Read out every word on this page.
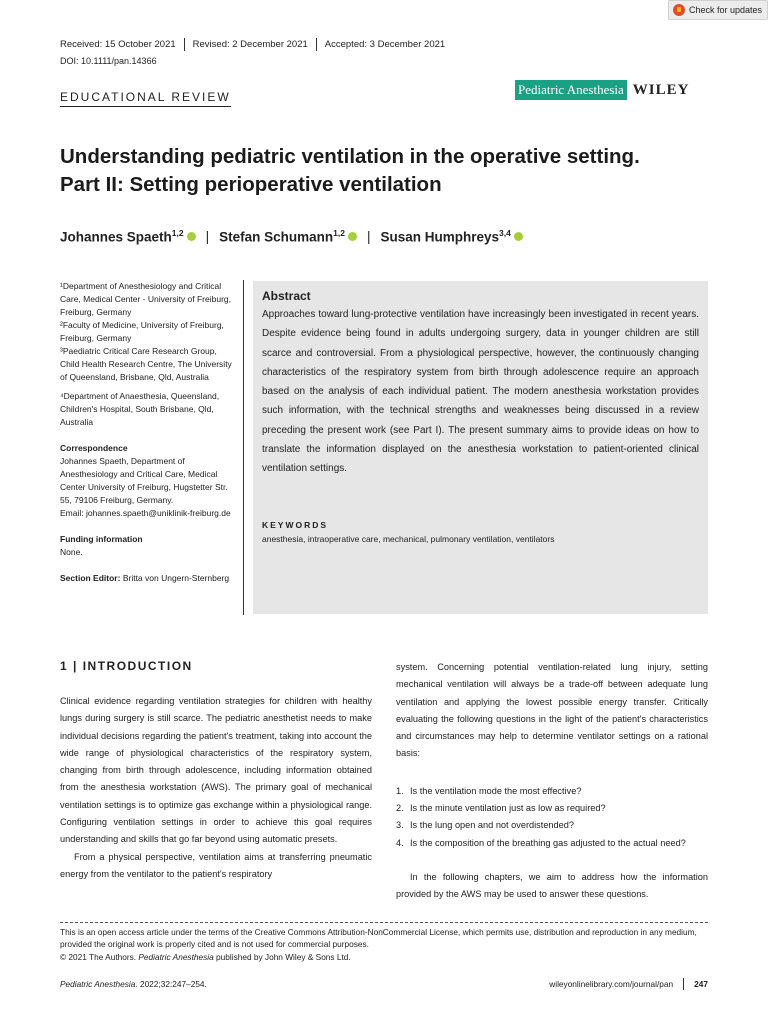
Received: 15 October 2021 Revised: 2 December 2021 Accepted: 3 December 2021
DOI: 10.1111/pan.14366
Check for updates
EDUCATIONAL REVIEW	Pediatric Anesthesia WILEY
Understanding pediatric ventilation in the operative setting.
Part II: Setting perioperative ventilation
Johannes Spaeth$^{1,2}$ | Stefan Schumann$^{1,2}$ | Susan Humphreys$^{3,4}$

¹Department of Anesthesiology and Critical Care, Medical Center - University of Freiburg, Freiburg, Germany

²Faculty of Medicine, University of Freiburg, Freiburg, Germany

³Paediatric Critical Care Research Group, Child Health Research Centre, The University of Queensland, Brisbane, Qld, Australia

⁴Department of Anaesthesia, Queensland, Children's Hospital, South Brisbane, Qld, Australia

Correspondence

Johannes Spaeth, Department of Anesthesiology and Critical Care, Medical Center University of Freiburg, Hugstetter Str. 55, 79106 Freiburg, Germany.

Email: johannes.spaeth@uniklinik-freiburg.de

Funding information

None.

Section Editor: Britta von Ungern-Sternberg

Abstract
Approaches toward lung-protective ventilation have increasingly been investigated in recent years. Despite evidence being found in adults undergoing surgery, data in younger children are still scarce and controversial. From a physiological perspective, however, the continuously changing characteristics of the respiratory system from birth through adolescence require an approach based on the analysis of each individual patient. The modern anesthesia workstation provides such information, with the technical strengths and weaknesses being discussed in a review preceding the present work (see Part I). The present summary aims to provide ideas on how to translate the information displayed on the anesthesia workstation to patient-oriented clinical ventilation settings.
KEYWORDS
anesthesia, intraoperative care, mechanical, pulmonary ventilation, ventilators
1 | INTRODUCTION

Clinical evidence regarding ventilation strategies for children with healthy lungs during surgery is still scarce. The pediatric anesthetist needs to make individual decisions regarding the patient's treatment, taking into account the wide range of physiological characteristics of the respiratory system, changing from birth through adolescence, including information obtained from the anesthesia workstation (AWS). The primary goal of mechanical ventilation settings is to optimize gas exchange within a physiological range. Configuring ventilation settings in order to achieve this goal requires understanding and skills that go far beyond using automatic presets.

From a physical perspective, ventilation aims at transferring pneumatic energy from the ventilator to the patient's respiratory

system. Concerning potential ventilation-related lung injury, setting mechanical ventilation will always be a trade-off between adequate lung ventilation and applying the lowest possible energy transfer. Critically evaluating the following questions in the light of the patient's characteristics and circumstances may help to determine ventilator settings on a rational basis:

1. Is the ventilation mode the most effective?
2. Is the minute ventilation just as low as required?
3. Is the lung open and not overdistended?
4. Is the composition of the breathing gas adjusted to the actual need?

In the following chapters, we aim to address how the information provided by the AWS may be used to answer these questions.

This is an open access article under the terms of the Creative Commons Attribution-NonCommercial License, which permits use, distribution and reproduction in any medium, provided the original work is properly cited and is not used for commercial purposes.

© 2021 The Authors. Pediatric Anesthesia published by John Wiley & Sons Ltd.

Pediatric Anesthesia. 2022;32:247–254.	wileyonlinelibrary.com/journal/pan	247
